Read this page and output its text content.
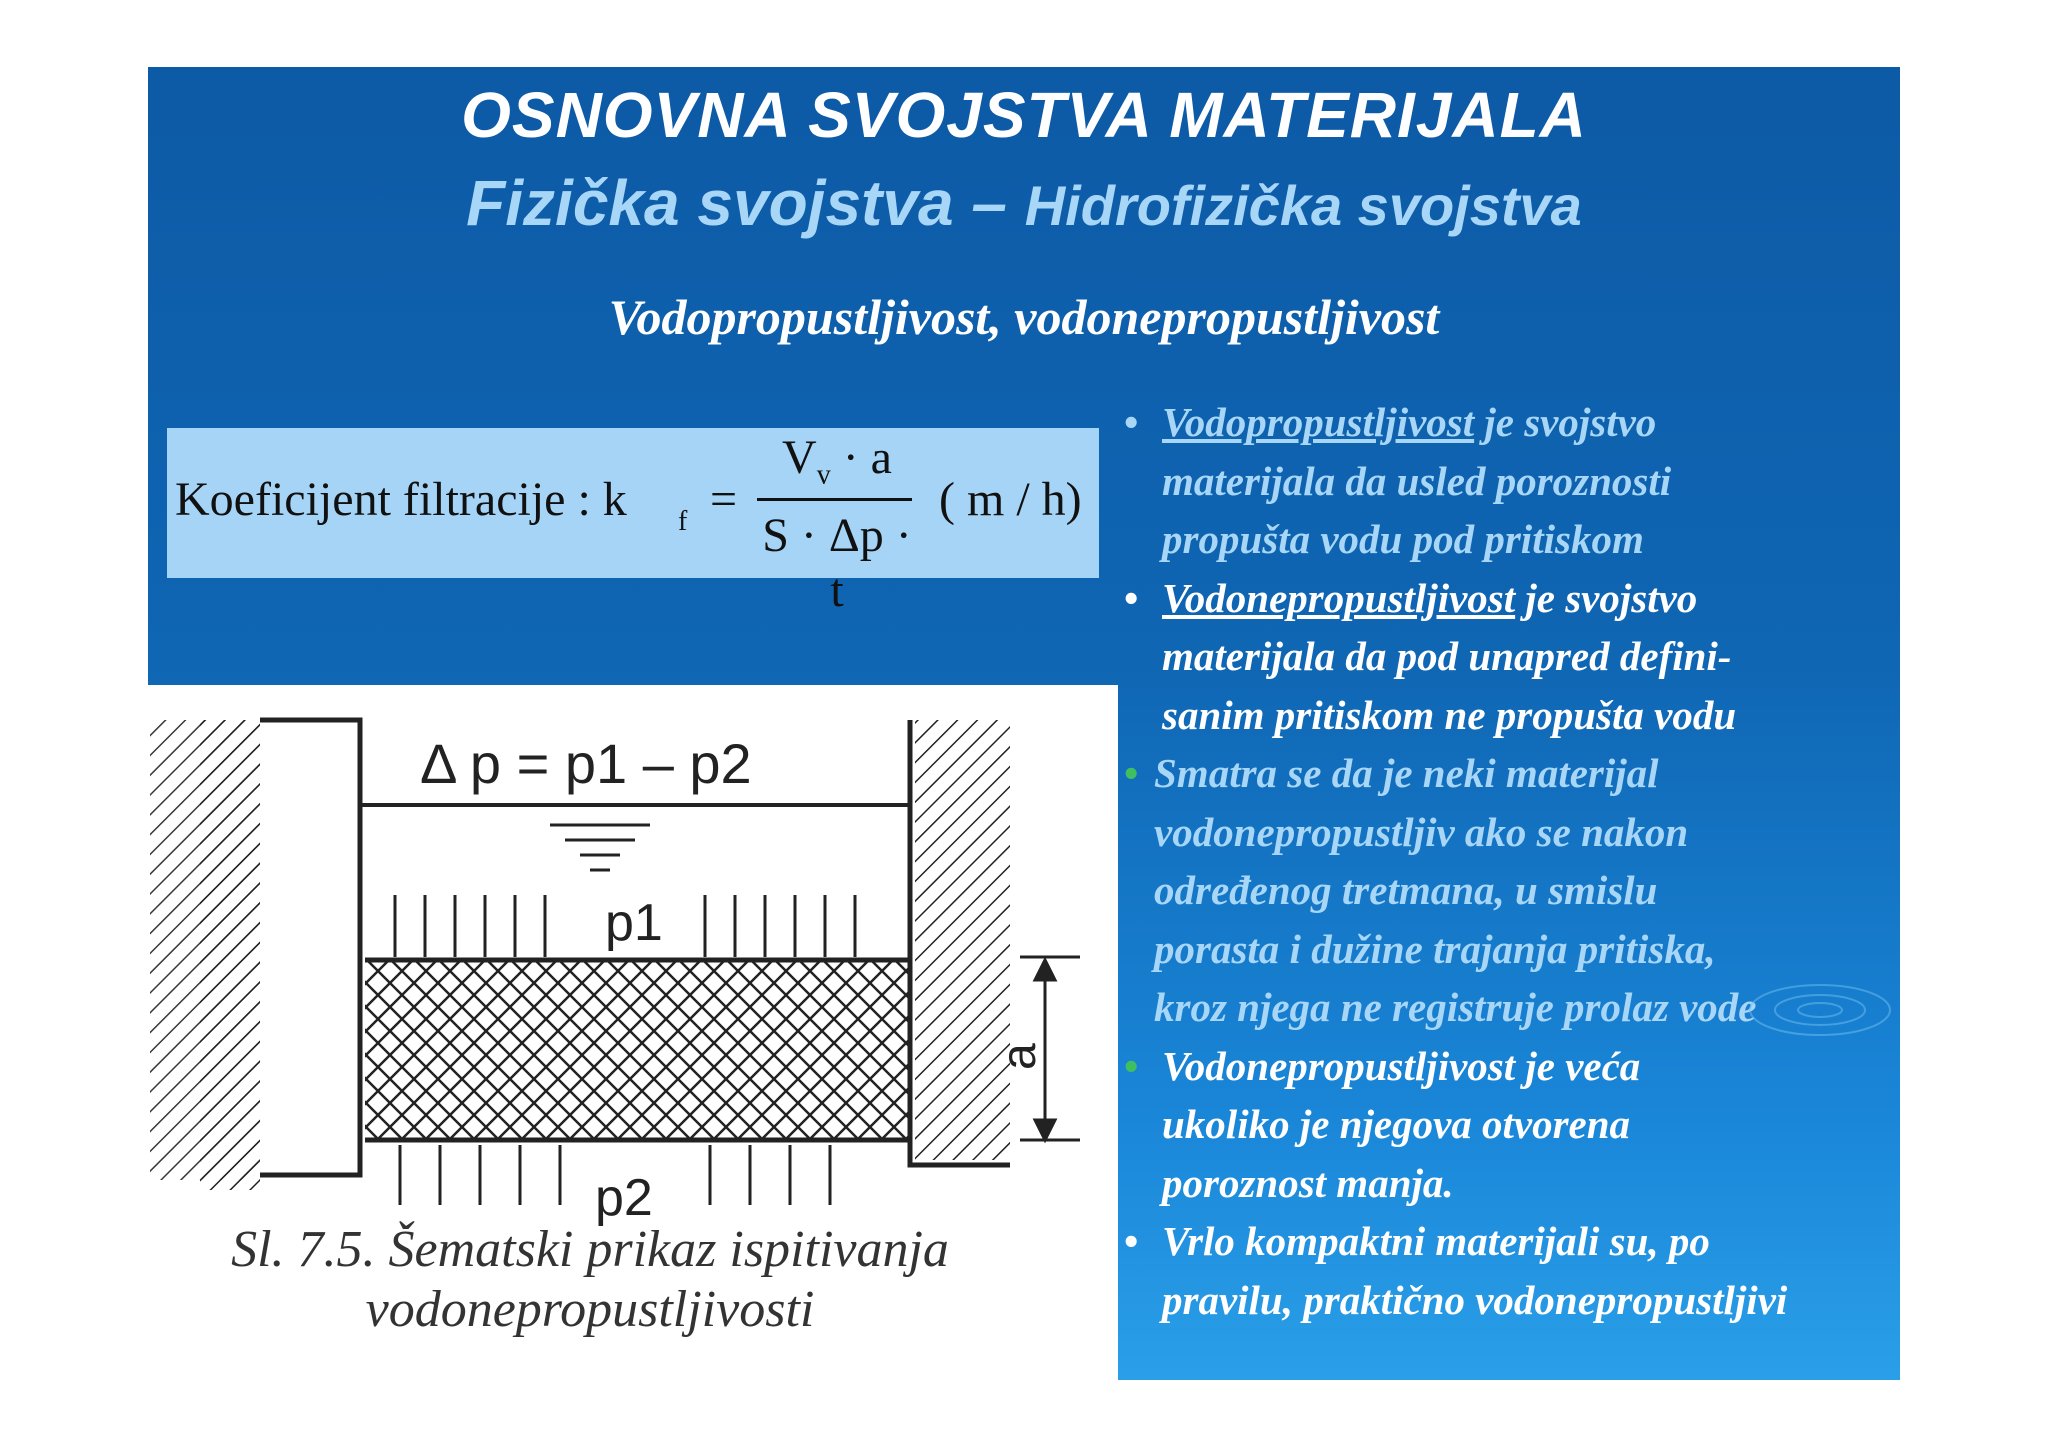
OSNOVNA SVOJSTVA MATERIJALA
Fizička svojstva – Hidrofizička svojstva
Vodopropustljivost, vodonepropustljivost
Koeficijent filtracije : k f =
$V_v \cdot a$
S · Δp · t
( m / h)
• Vodopropustljivost je svojstvo
materijala da usled poroznosti
propušta vodu pod pritiskom
• Vodonepropustljivost je svojstvo
materijala da pod unapred defini-
sanim pritiskom ne propušta vodu
• Smatra se da je neki materijal
vodonepropustljiv ako se nakon
određenog tretmana, u smislu
porasta i dužine trajanja pritiska,
kroz njega ne registruje prolaz vode
• Vodonepropustljivost je veća
ukoliko je njegova otvorena
poroznost manja.
• Vrlo kompaktni materijali su, po
pravilu, praktično vodonepropustljivi
Δ p = p1 – p2
p1
p2
a
Sl. 7.5. Šematski prikaz ispitivanja
vodonepropustljivosti
